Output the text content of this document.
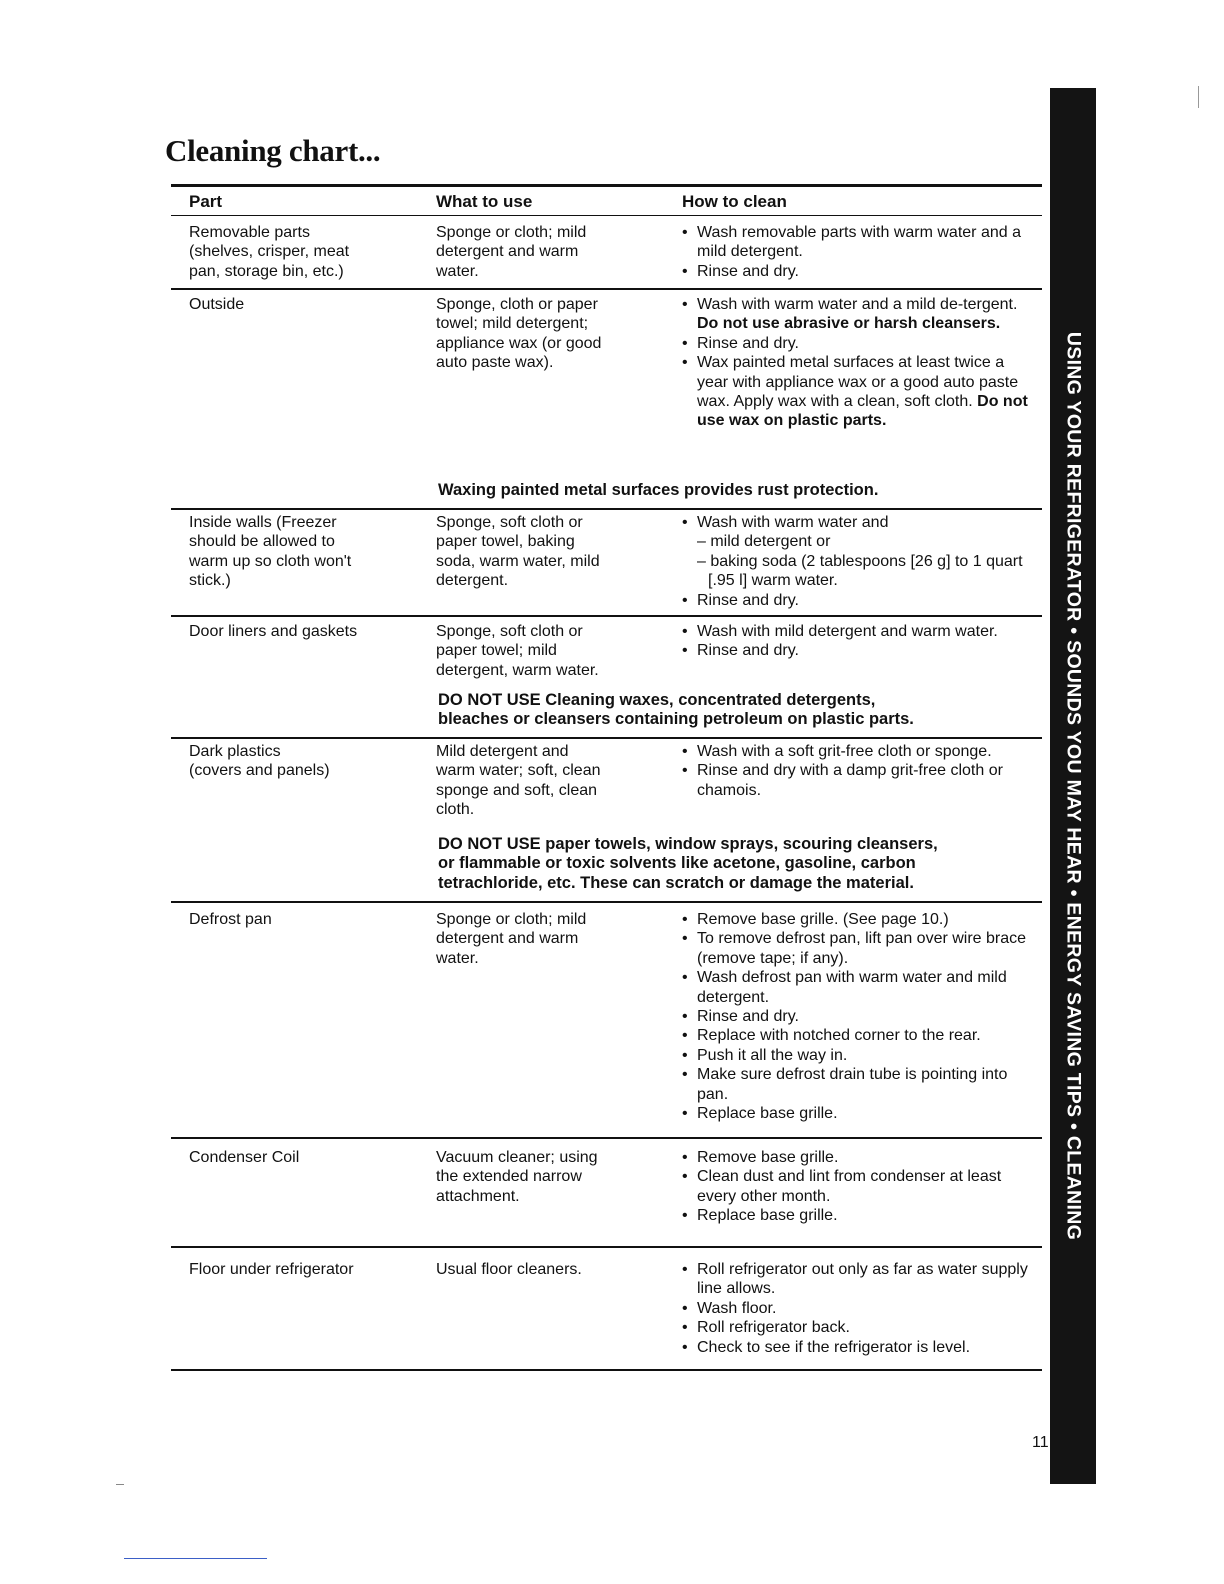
Cleaning chart...
USING YOUR REFRIGERATOR • SOUNDS YOU MAY HEAR • ENERGY SAVING TIPS • CLEANING
Part	What to use	How to clean
Removable parts
(shelves, crisper, meat
pan, storage bin, etc.)
Sponge or cloth; mild
detergent and warm
water.
• Wash removable parts with warm water and a mild detergent.
• Rinse and dry.
Outside	Sponge, cloth or paper
towel; mild detergent;
appliance wax (or good
auto paste wax).
• Wash with warm water and a mild de-tergent. Do not use abrasive or harsh cleansers.
• Rinse and dry.
• Wax painted metal surfaces at least twice a year with appliance wax or a good auto paste wax. Apply wax with a clean, soft cloth. Do not use wax on plastic parts.
Waxing painted metal surfaces provides rust protection.
Inside walls (Freezer
should be allowed to
warm up so cloth won't
stick.)
Sponge, soft cloth or
paper towel, baking
soda, warm water, mild
detergent.
• Wash with warm water and
– mild detergent or
– baking soda (2 tablespoons [26 g] to 1 quart [.95 l] warm water.
• Rinse and dry.
Door liners and gaskets	Sponge, soft cloth or
paper towel; mild
detergent, warm water.
• Wash with mild detergent and warm water.
• Rinse and dry.
DO NOT USE Cleaning waxes, concentrated detergents,
bleaches or cleansers containing petroleum on plastic parts.
Dark plastics
(covers and panels)
Mild detergent and
warm water; soft, clean
sponge and soft, clean
cloth.
• Wash with a soft grit-free cloth or sponge.
• Rinse and dry with a damp grit-free cloth or chamois.
DO NOT USE paper towels, window sprays, scouring cleansers,
or flammable or toxic solvents like acetone, gasoline, carbon
tetrachloride, etc. These can scratch or damage the material.
Defrost pan	Sponge or cloth; mild
detergent and warm
water.
• Remove base grille. (See page 10.)
• To remove defrost pan, lift pan over wire brace (remove tape; if any).
• Wash defrost pan with warm water and mild detergent.
• Rinse and dry.
• Replace with notched corner to the rear.
• Push it all the way in.
• Make sure defrost drain tube is pointing into pan.
• Replace base grille.
Condenser Coil	Vacuum cleaner; using
the extended narrow
attachment.
• Remove base grille.
• Clean dust and lint from condenser at least every other month.
• Replace base grille.
Floor under refrigerator	Usual floor cleaners.
•	Roll refrigerator out only as far as water supply line allows.
• Wash floor.
• Roll refrigerator back.
• Check to see if the refrigerator is level.
11
